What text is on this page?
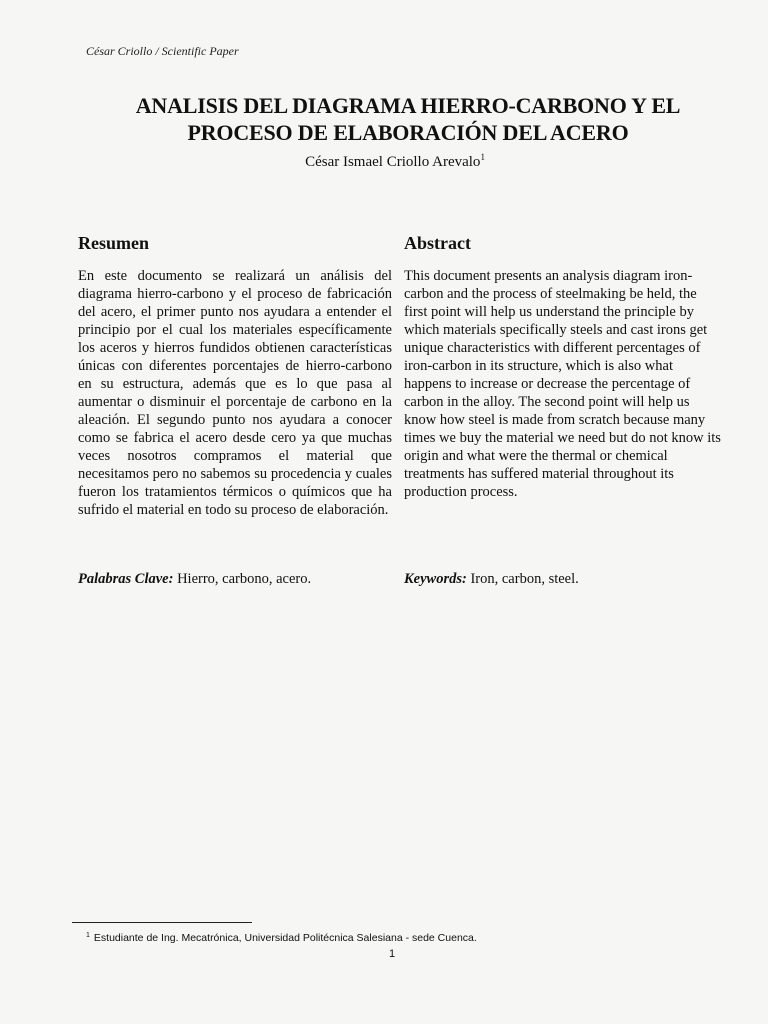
César Criollo / Scientific Paper
ANALISIS DEL DIAGRAMA HIERRO-CARBONO Y EL
PROCESO DE ELABORACIÓN DEL ACERO
César Ismael Criollo Arevalo$^1$
Resumen

En este documento se realizará un análisis del diagrama hierro-carbono y el proceso de fabricación del acero, el primer punto nos ayudara a entender el principio por el cual los materiales específicamente los aceros y hierros fundidos obtienen características únicas con diferentes porcentajes de hierro-carbono en su estructura, además que es lo que pasa al aumentar o disminuir el porcentaje de carbono en la aleación. El segundo punto nos ayudara a conocer como se fabrica el acero desde cero ya que muchas veces nosotros compramos el material que necesitamos pero no sabemos su procedencia y cuales fueron los tratamientos térmicos o químicos que ha sufrido el material en todo su proceso de elaboración.

Abstract

This document presents an analysis diagram iron-carbon and the process of steelmaking be held, the first point will help us understand the principle by which materials specifically steels and cast irons get unique characteristics with different percentages of iron-carbon in its structure, which is also what happens to increase or decrease the percentage of carbon in the alloy. The second point will help us know how steel is made from scratch because many times we buy the material we need but do not know its origin and what were the thermal or chemical treatments has suffered material throughout its production process.

Palabras Clave: Hierro, carbono, acero.	Keywords: Iron, carbon, steel.
$^1$ Estudiante de Ing. Mecatrónica, Universidad Politécnica Salesiana - sede Cuenca.
1
